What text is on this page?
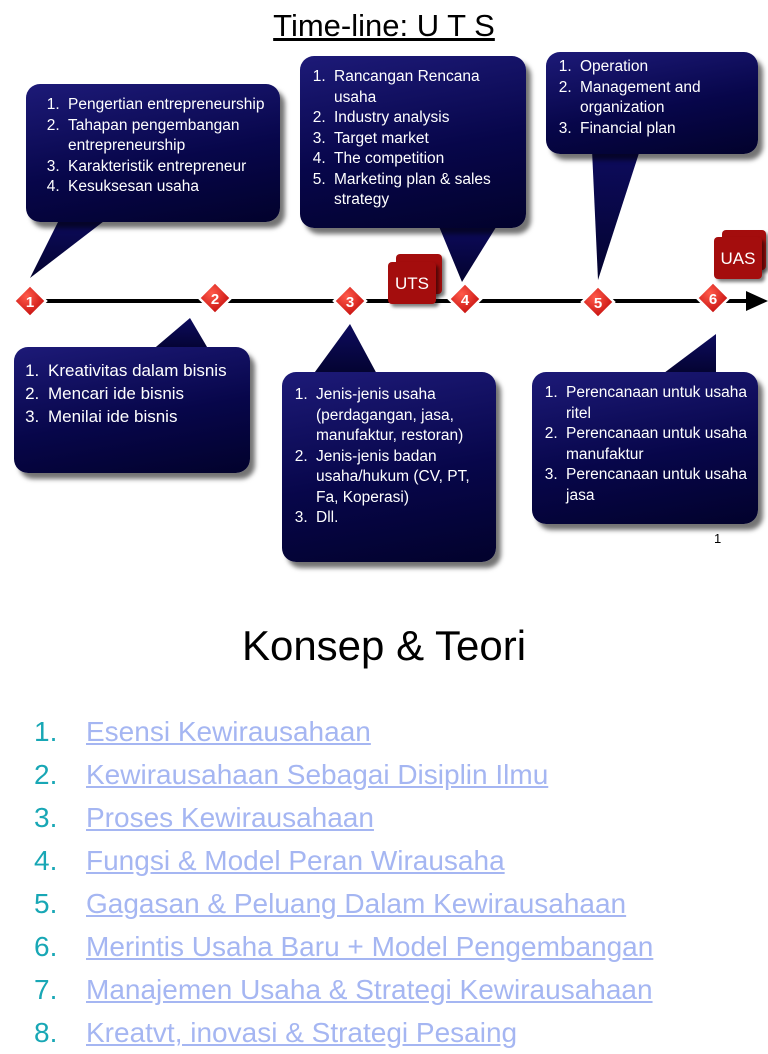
Time-line: U T S
1	2	3	4	5	6
UTS
UAS
1. Pengertian entrepreneurship
2. Tahapan pengembangan entrepreneurship
3. Karakteristik entrepreneur
4. Kesuksesan usaha
1. Kreativitas dalam bisnis
2. Mencari ide bisnis
3. Menilai ide bisnis
1. Jenis-jenis usaha (perdagangan, jasa, manufaktur, restoran)
2. Jenis-jenis badan usaha/hukum (CV, PT, Fa, Koperasi)
3. Dll.
1. Rancangan Rencana usaha
2. Industry analysis
3. Target market
4. The competition
5. Marketing plan & sales strategy
1. Operation
2. Management and organization
3. Financial plan
1. Perencanaan untuk usaha ritel
2. Perencanaan untuk usaha manufaktur
3. Perencanaan untuk usaha jasa
1
Konsep & Teori
1. Esensi Kewirausahaan
2. Kewirausahaan Sebagai Disiplin Ilmu
3. Proses Kewirausahaan
4. Fungsi & Model Peran Wirausaha
5. Gagasan & Peluang Dalam Kewirausahaan
6. Merintis Usaha Baru + Model Pengembangan
7. Manajemen Usaha & Strategi Kewirausahaan
8. Kreatvt, inovasi & Strategi Pesaing
